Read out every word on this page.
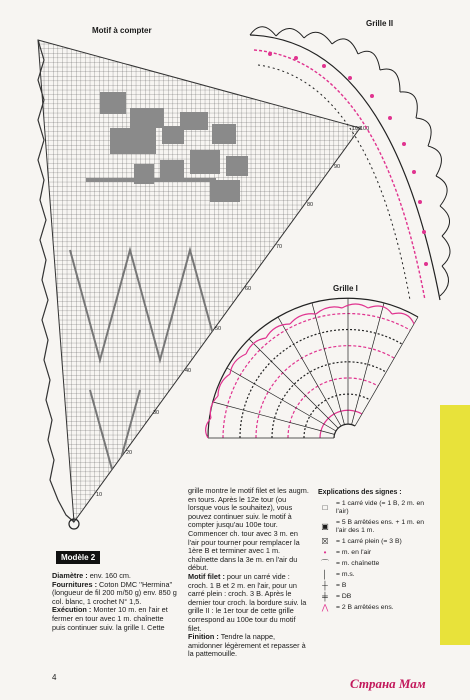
Motif à compter
Grille II
Grille I
100
90
80
70
60
50
40
30
20
10
100
Modèle 2
Diamètre : env. 160 cm.
Fournitures : Coton DMC ''Hermina'' (longueur de fil 200 m/50 g) env. 850 g col. blanc, 1 crochet N° 1,5.
Exécution : Monter 10 m. en l'air et fermer en tour avec 1 m. chaînette puis continuer suiv. la grille I. Cette
grille montre le motif filet et les augm. en tours. Après le 12e tour (ou lorsque vous le souhaitez), vous pouvez continuer suiv. le motif à compter jusqu'au 100e tour. Commencer ch. tour avec 3 m. en l'air pour tourner pour remplacer la 1ère B et terminer avec 1 m. chaînette dans la 3e m. en l'air du début.
Motif filet : pour un carré vide : croch. 1 B et 2 m. en l'air, pour un carré plein : croch. 3 B. Après le dernier tour croch. la bordure suiv. la grille II : le 1er tour de cette grille correspond au 100e tour du motif filet.
Finition : Tendre la nappe, amidonner légèrement et repasser à la pattemouille.
Explications des signes :
□	= 1 carré vide (= 1 B, 2 m. en l'air)
▣	= 5 B arrêtées ens. + 1 m. en l'air des 1 m.
☒	= 1 carré plein (= 3 B)
•	= m. en l'air
⌒	= m. chaînette
│	= m.s.
┼	= B
╪	= DB
⋀	= 2 B arrêtées ens.
4	Страна Мам
